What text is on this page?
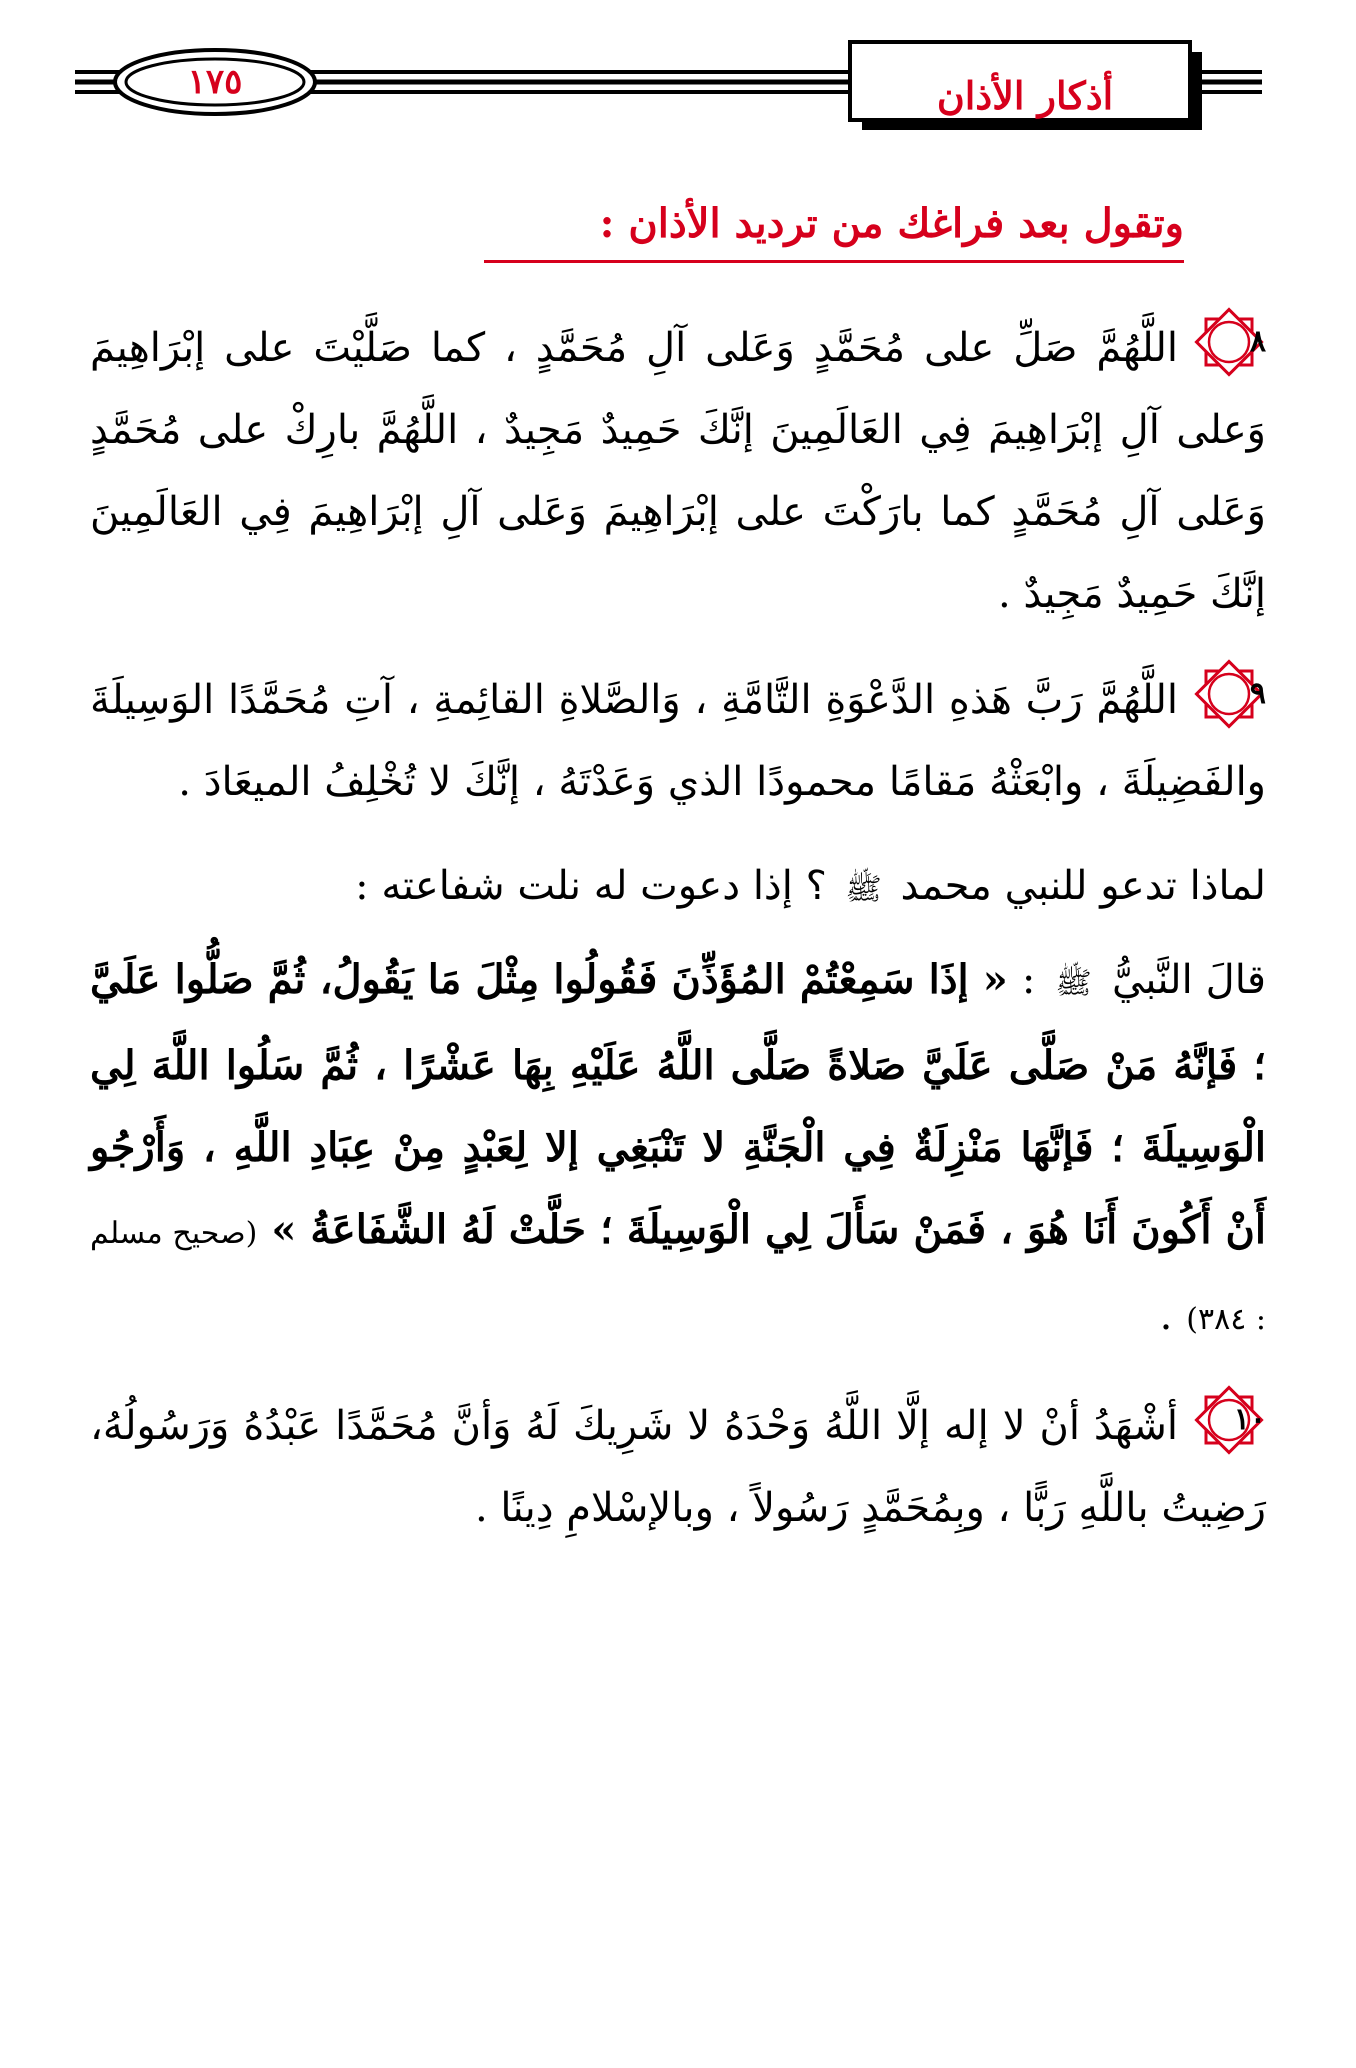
١٧٥	أذكار الأذان
وتقول بعد فراغك من ترديد الأذان :

٨
اللَّهُمَّ صَلِّ على مُحَمَّدٍ وَعَلى آلِ مُحَمَّدٍ ، كما صَلَّيْتَ على إبْرَاهِيمَ وَعلى آلِ إبْرَاهِيمَ فِي العَالَمِينَ إنَّكَ حَمِيدٌ مَجِيدٌ ، اللَّهُمَّ بارِكْ على مُحَمَّدٍ وَعَلى آلِ مُحَمَّدٍ كما بارَكْتَ على إبْرَاهِيمَ وَعَلى آلِ إبْرَاهِيمَ فِي العَالَمِينَ إنَّكَ حَمِيدٌ مَجِيدٌ .

٩
اللَّهُمَّ رَبَّ هَذهِ الدَّعْوَةِ التَّامَّةِ ، وَالصَّلاةِ القائِمةِ ، آتِ مُحَمَّدًا الوَسِيلَةَ والفَضِيلَةَ ، وابْعَثْهُ مَقامًا محمودًا الذي وَعَدْتَهُ ، إنَّكَ لا تُخْلِفُ الميعَادَ .

لماذا تدعو للنبي محمد ﷺ ؟ إذا دعوت له نلت شفاعته :

قالَ النَّبيُّ ﷺ : « إذَا سَمِعْتُمْ المُؤَذِّنَ فَقُولُوا مِثْلَ مَا يَقُولُ، ثُمَّ صَلُّوا عَلَيَّ ؛ فَإنَّهُ مَنْ صَلَّى عَلَيَّ صَلاةً صَلَّى اللَّهُ عَلَيْهِ بِهَا عَشْرًا ، ثُمَّ سَلُوا اللَّهَ لِي الْوَسِيلَةَ ؛ فَإنَّهَا مَنْزِلَةٌ فِي الْجَنَّةِ لا تَنْبَغِي إلا لِعَبْدٍ مِنْ عِبَادِ اللَّهِ ، وَأَرْجُو أَنْ أَكُونَ أَنَا هُوَ ، فَمَنْ سَأَلَ لِي الْوَسِيلَةَ ؛ حَلَّتْ لَهُ الشَّفَاعَةُ » (صحيح مسلم : ٣٨٤) .

١٠
أشْهَدُ أنْ لا إله إلَّا اللَّهُ وَحْدَهُ لا شَرِيكَ لَهُ وَأنَّ مُحَمَّدًا عَبْدُهُ وَرَسُولُهُ، رَضِيتُ باللَّهِ رَبًّا ، وبِمُحَمَّدٍ رَسُولاً ، وبالإسْلامِ دِينًا .
